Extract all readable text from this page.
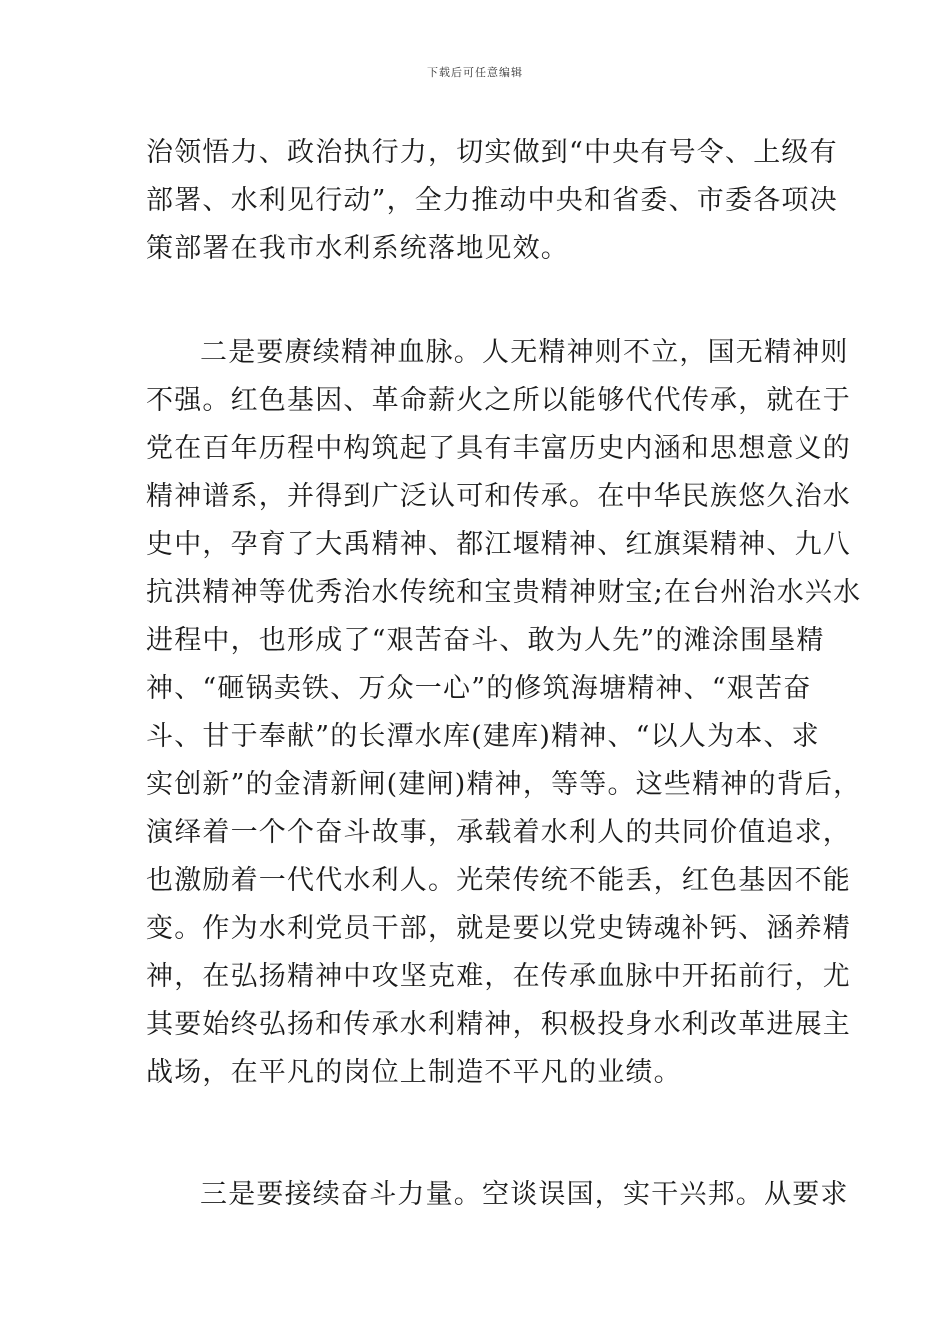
下载后可任意编辑
治领悟力、政治执行力，切实做到“中央有号令、上级有
部署、水利见行动”，全力推动中央和省委、市委各项决
策部署在我市水利系统落地见效。
二是要赓续精神血脉。人无精神则不立，国无精神则
不强。红色基因、革命薪火之所以能够代代传承，就在于
党在百年历程中构筑起了具有丰富历史内涵和思想意义的
精神谱系，并得到广泛认可和传承。在中华民族悠久治水
史中，孕育了大禹精神、都江堰精神、红旗渠精神、九八
抗洪精神等优秀治水传统和宝贵精神财宝;在台州治水兴水
进程中，也形成了“艰苦奋斗、敢为人先”的滩涂围垦精
神、“砸锅卖铁、万众一心”的修筑海塘精神、“艰苦奋
斗、甘于奉献”的长潭水库(建库)精神、“以人为本、求
实创新”的金清新闸(建闸)精神，等等。这些精神的背后，
演绎着一个个奋斗故事，承载着水利人的共同价值追求，
也激励着一代代水利人。光荣传统不能丢，红色基因不能
变。作为水利党员干部，就是要以党史铸魂补钙、涵养精
神，在弘扬精神中攻坚克难，在传承血脉中开拓前行，尤
其要始终弘扬和传承水利精神，积极投身水利改革进展主
战场，在平凡的岗位上制造不平凡的业绩。
三是要接续奋斗力量。空谈误国，实干兴邦。从要求
